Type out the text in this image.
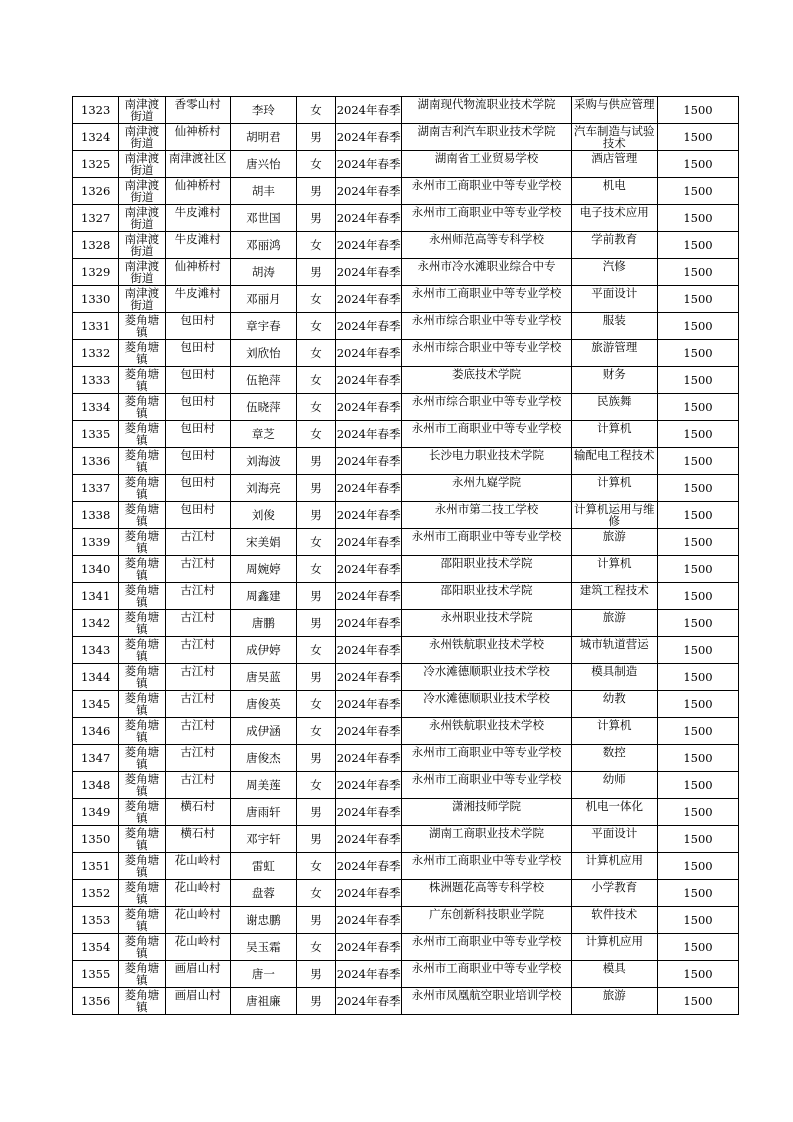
1323	南津渡街道	香零山村	李玲	女	2024年春季	湖南现代物流职业技术学院	采购与供应管理	1500
1324	南津渡街道	仙神桥村	胡明君	男	2024年春季	湖南吉利汽车职业技术学院	汽车制造与试验技术	1500
1325	南津渡街道	南津渡社区	唐兴怡	女	2024年春季	湖南省工业贸易学校	酒店管理	1500
1326	南津渡街道	仙神桥村	胡丰	男	2024年春季	永州市工商职业中等专业学校	机电	1500
1327	南津渡街道	牛皮滩村	邓世国	男	2024年春季	永州市工商职业中等专业学校	电子技术应用	1500
1328	南津渡街道	牛皮滩村	邓丽鸿	女	2024年春季	永州师范高等专科学校	学前教育	1500
1329	南津渡街道	仙神桥村	胡涛	男	2024年春季	永州市冷水滩职业综合中专	汽修	1500
1330	南津渡街道	牛皮滩村	邓丽月	女	2024年春季	永州市工商职业中等专业学校	平面设计	1500
1331	菱角塘镇	包田村	章宇春	女	2024年春季	永州市综合职业中等专业学校	服装	1500
1332	菱角塘镇	包田村	刘欣怡	女	2024年春季	永州市综合职业中等专业学校	旅游管理	1500
1333	菱角塘镇	包田村	伍艳萍	女	2024年春季	娄底技术学院	财务	1500
1334	菱角塘镇	包田村	伍晓萍	女	2024年春季	永州市综合职业中等专业学校	民族舞	1500
1335	菱角塘镇	包田村	章芝	女	2024年春季	永州市工商职业中等专业学校	计算机	1500
1336	菱角塘镇	包田村	刘海波	男	2024年春季	长沙电力职业技术学院	输配电工程技术	1500
1337	菱角塘镇	包田村	刘海亮	男	2024年春季	永州九嶷学院	计算机	1500
1338	菱角塘镇	包田村	刘俊	男	2024年春季	永州市第二技工学校	计算机运用与维修	1500
1339	菱角塘镇	古江村	宋美娟	女	2024年春季	永州市工商职业中等专业学校	旅游	1500
1340	菱角塘镇	古江村	周婉婷	女	2024年春季	邵阳职业技术学院	计算机	1500
1341	菱角塘镇	古江村	周鑫建	男	2024年春季	邵阳职业技术学院	建筑工程技术	1500
1342	菱角塘镇	古江村	唐鹏	男	2024年春季	永州职业技术学院	旅游	1500
1343	菱角塘镇	古江村	成伊婷	女	2024年春季	永州铁航职业技术学校	城市轨道营运	1500
1344	菱角塘镇	古江村	唐昊蓝	男	2024年春季	冷水滩德顺职业技术学校	模具制造	1500
1345	菱角塘镇	古江村	唐俊英	女	2024年春季	冷水滩德顺职业技术学校	幼教	1500
1346	菱角塘镇	古江村	成伊涵	女	2024年春季	永州铁航职业技术学校	计算机	1500
1347	菱角塘镇	古江村	唐俊杰	男	2024年春季	永州市工商职业中等专业学校	数控	1500
1348	菱角塘镇	古江村	周美莲	女	2024年春季	永州市工商职业中等专业学校	幼师	1500
1349	菱角塘镇	横石村	唐雨轩	男	2024年春季	潇湘技师学院	机电一体化	1500
1350	菱角塘镇	横石村	邓宇轩	男	2024年春季	湖南工商职业技术学院	平面设计	1500
1351	菱角塘镇	花山岭村	雷虹	女	2024年春季	永州市工商职业中等专业学校	计算机应用	1500
1352	菱角塘镇	花山岭村	盘蓉	女	2024年春季	株洲题花高等专科学校	小学教育	1500
1353	菱角塘镇	花山岭村	谢忠鹏	男	2024年春季	广东创新科技职业学院	软件技术	1500
1354	菱角塘镇	花山岭村	吴玉霜	女	2024年春季	永州市工商职业中等专业学校	计算机应用	1500
1355	菱角塘镇	画眉山村	唐一	男	2024年春季	永州市工商职业中等专业学校	模具	1500
1356	菱角塘镇	画眉山村	唐祖廉	男	2024年春季	永州市凤凰航空职业培训学校	旅游	1500
